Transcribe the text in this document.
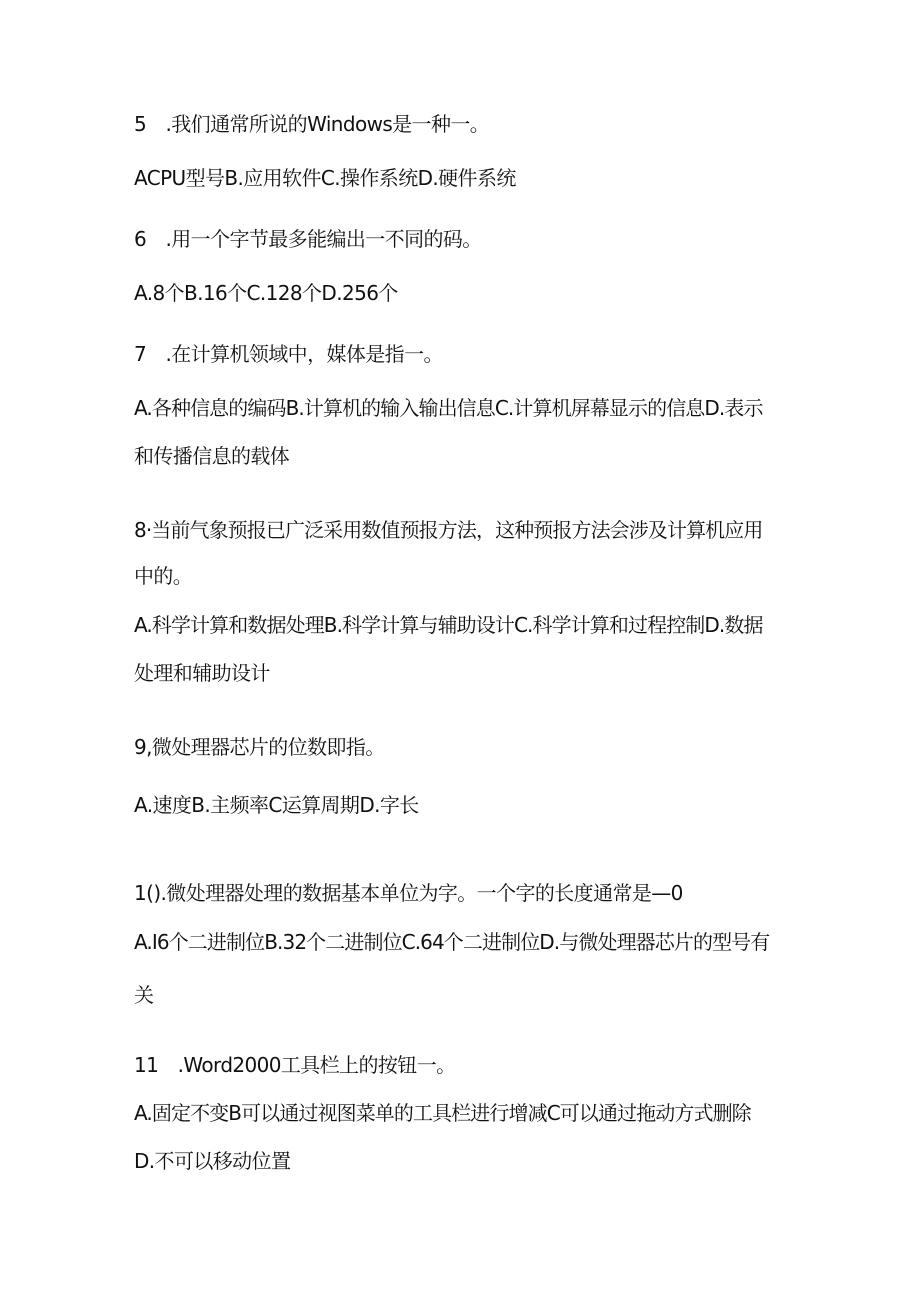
5　.我们通常所说的Windows是一种一。
ACPU型号B.应用软件C.操作系统D.硬件系统
6　.用一个字节最多能编出一不同的码。
A.8个B.16个C.128个D.256个
7　.在计算机领域中，媒体是指一。
A.各种信息的编码B.计算机的输入输出信息C.计算机屏幕显示的信息D.表示
和传播信息的载体
8·当前气象预报已广泛采用数值预报方法，这种预报方法会涉及计算机应用
中的。
A.科学计算和数据处理B.科学计算与辅助设计C.科学计算和过程控制D.数据
处理和辅助设计
9,微处理器芯片的位数即指。
A.速度B.主频率C运算周期D.字长
1().微处理器处理的数据基本单位为字。一个字的长度通常是—0
A.I6个二进制位B.32个二进制位C.64个二进制位D.与微处理器芯片的型号有
关
11　.Word2000工具栏上的按钮一。
A.固定不变B可以通过视图菜单的工具栏进行增减C可以通过拖动方式删除
D.不可以移动位置
